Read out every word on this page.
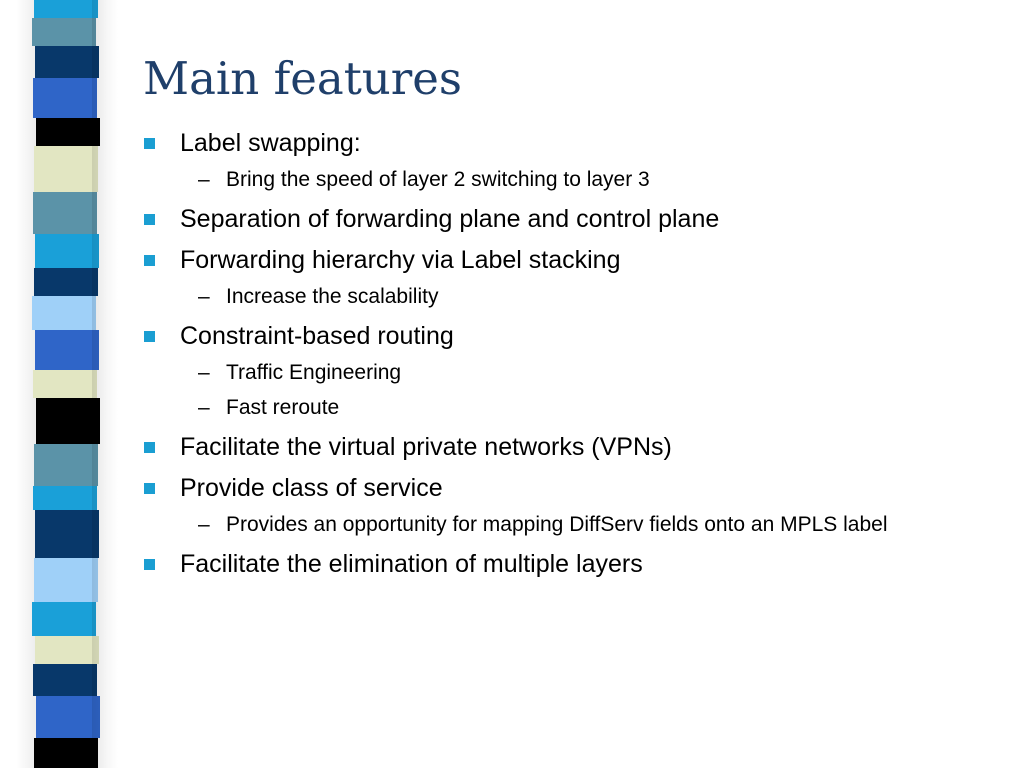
Main features
Label swapping:
– Bring the speed of layer 2 switching to layer 3
Separation of forwarding plane and control plane
Forwarding hierarchy via Label stacking
– Increase the scalability
Constraint-based routing
– Traffic Engineering
– Fast reroute
Facilitate the virtual private networks (VPNs)
Provide class of service
– Provides an opportunity for mapping DiffServ fields onto an MPLS label
Facilitate the elimination of multiple layers
